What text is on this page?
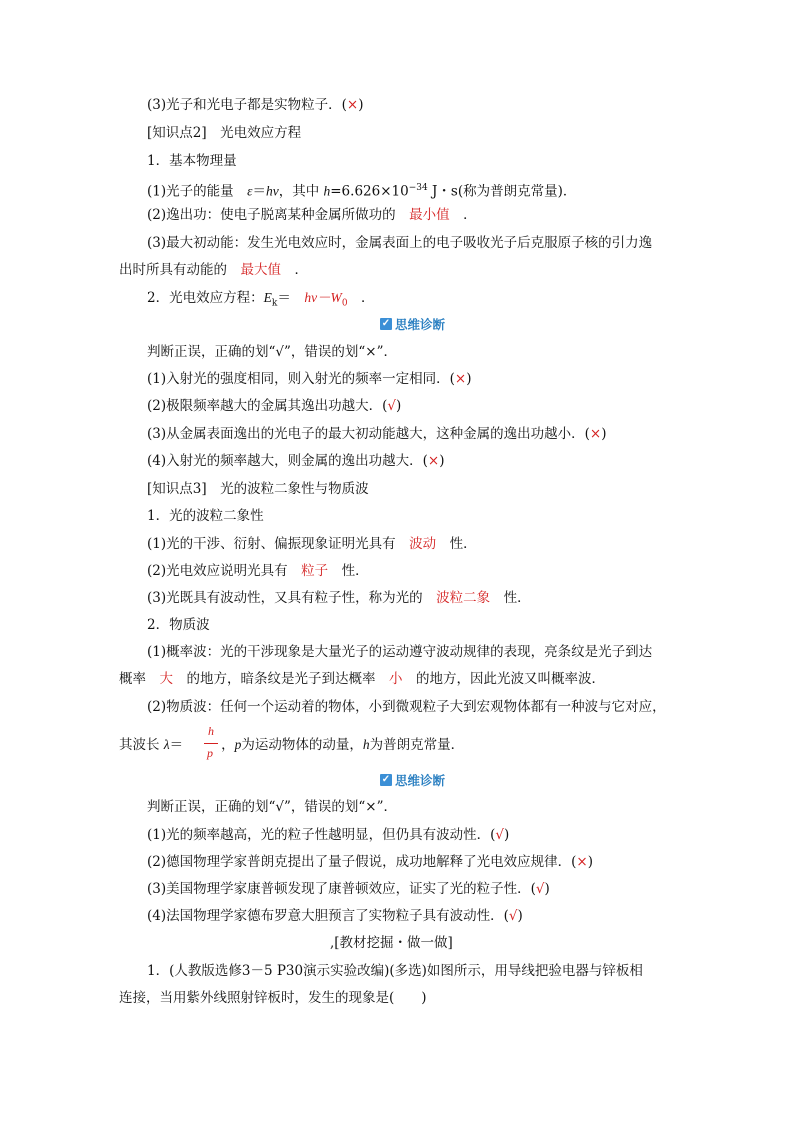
(3)光子和光电子都是实物粒子．(×)
[知识点2]　光电效应方程
1．基本物理量
(1)光子的能量　ε＝hν，其中 $h=6.626\times 10^{-34}$ J・s(称为普朗克常量)．
(2)逸出功：使电子脱离某种金属所做功的　最小值　．
(3)最大初动能：发生光电效应时，金属表面上的电子吸收光子后克服原子核的引力逸
出时所具有动能的　最大值　．
2．光电效应方程：$E_k=$　$h\nu-W_0$　．
✓ 思维诊断
判断正误，正确的划“√”，错误的划“×”．
(1)入射光的强度相同，则入射光的频率一定相同．(×)
(2)极限频率越大的金属其逸出功越大．(√)
(3)从金属表面逸出的光电子的最大初动能越大，这种金属的逸出功越小．(×)
(4)入射光的频率越大，则金属的逸出功越大．(×)
[知识点3]　光的波粒二象性与物质波
1．光的波粒二象性
(1)光的干涉、衍射、偏振现象证明光具有　波动　性．
(2)光电效应说明光具有　粒子　性．
(3)光既具有波动性，又具有粒子性，称为光的　波粒二象　性．
2．物质波
(1)概率波：光的干涉现象是大量光子的运动遵守波动规律的表现，亮条纹是光子到达
概率　大　的地方，暗条纹是光子到达概率　小　的地方，因此光波又叫概率波．
(2)物质波：任何一个运动着的物体，小到微观粒子大到宏观物体都有一种波与它对应，
其波长 λ＝	，p为运动物体的动量，h为普朗克常量．
h
p
✓ 思维诊断
判断正误，正确的划“√”，错误的划“×”．
(1)光的频率越高，光的粒子性越明显，但仍具有波动性．(√)
(2)德国物理学家普朗克提出了量子假说，成功地解释了光电效应规律．(×)
(3)美国物理学家康普顿发现了康普顿效应，证实了光的粒子性．(√)
(4)法国物理学家德布罗意大胆预言了实物粒子具有波动性．(√)
,[教材挖掘・做一做]
1．(人教版选修3－5 P30演示实验改编)(多选)如图所示，用导线把验电器与锌板相
连接，当用紫外线照射锌板时，发生的现象是(　　)
